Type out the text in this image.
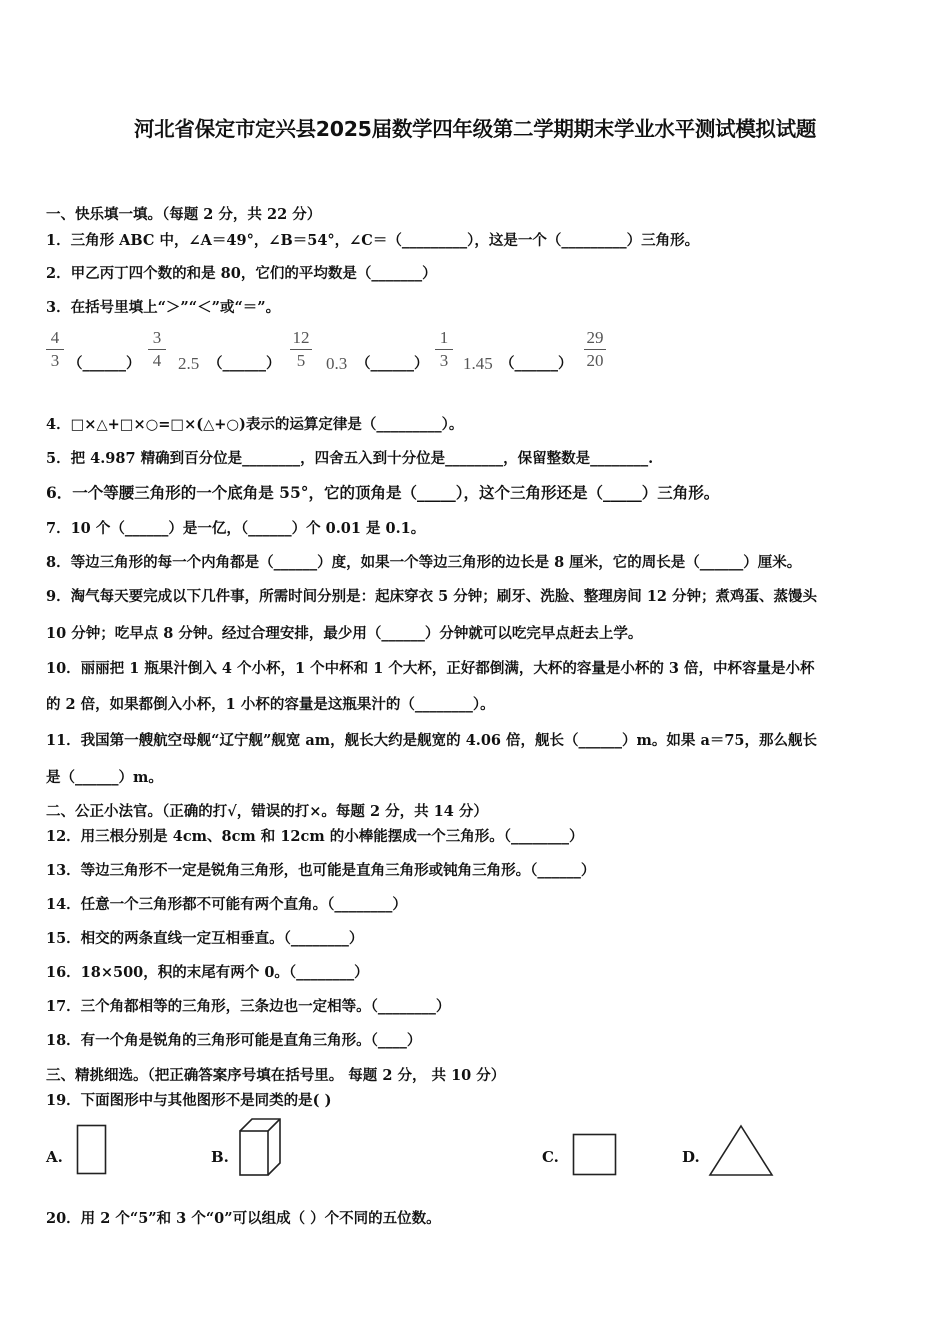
河北省保定市定兴县2025届数学四年级第二学期期末学业水平测试模拟试题
一、快乐填一填。（每题 2 分，共 22 分）
1．三角形 ABC 中，∠A＝49°，∠B＝54°，∠C＝（_________），这是一个（_________）三角形。
2．甲乙丙丁四个数的和是 80，它们的平均数是（_______）
3．在括号里填上“＞”“＜”或“＝”。
4
3 （______）
3
4 2.5 （______）
12
5 0.3 （______）
1
3 1.45 （______）
29
20
4．□×△+□×○=□×(△+○)表示的运算定律是（_________）。
5．把 4.987 精确到百分位是________，四舍五入到十分位是________，保留整数是________.
6．一个等腰三角形的一个底角是 55°，它的顶角是（_____），这个三角形还是（_____）三角形。
7．10 个（______）是一亿，（______）个 0.01 是 0.1。
8．等边三角形的每一个内角都是（______）度，如果一个等边三角形的边长是 8 厘米，它的周长是（______）厘米。
9．淘气每天要完成以下几件事，所需时间分别是：起床穿衣 5 分钟；刷牙、洗脸、整理房间 12 分钟；煮鸡蛋、蒸馒头
10 分钟；吃早点 8 分钟。经过合理安排，最少用（______）分钟就可以吃完早点赶去上学。
10．丽丽把 1 瓶果汁倒入 4 个小杯，1 个中杯和 1 个大杯，正好都倒满，大杯的容量是小杯的 3 倍，中杯容量是小杯
的 2 倍，如果都倒入小杯，1 小杯的容量是这瓶果汁的（________）。
11．我国第一艘航空母舰“辽宁舰”舰宽 am，舰长大约是舰宽的 4.06 倍，舰长（______）m。如果 a＝75，那么舰长
是（______）m。
二、公正小法官。（正确的打√，错误的打×。每题 2 分，共 14 分）
12．用三根分别是 4cm、8cm 和 12cm 的小棒能摆成一个三角形。（________）
13．等边三角形不一定是锐角三角形，也可能是直角三角形或钝角三角形。（______）
14．任意一个三角形都不可能有两个直角。（________）
15．相交的两条直线一定互相垂直。（________）
16．18×500，积的末尾有两个 0。（________）
17．三个角都相等的三角形，三条边也一定相等。（________）
18．有一个角是锐角的三角形可能是直角三角形。（____）
三、精挑细选。（把正确答案序号填在括号里。 每题 2 分， 共 10 分）
19．下面图形中与其他图形不是同类的是( )
A.	B.	C.	D.
20．用 2 个“5”和 3 个“0”可以组成（ ）个不同的五位数。
